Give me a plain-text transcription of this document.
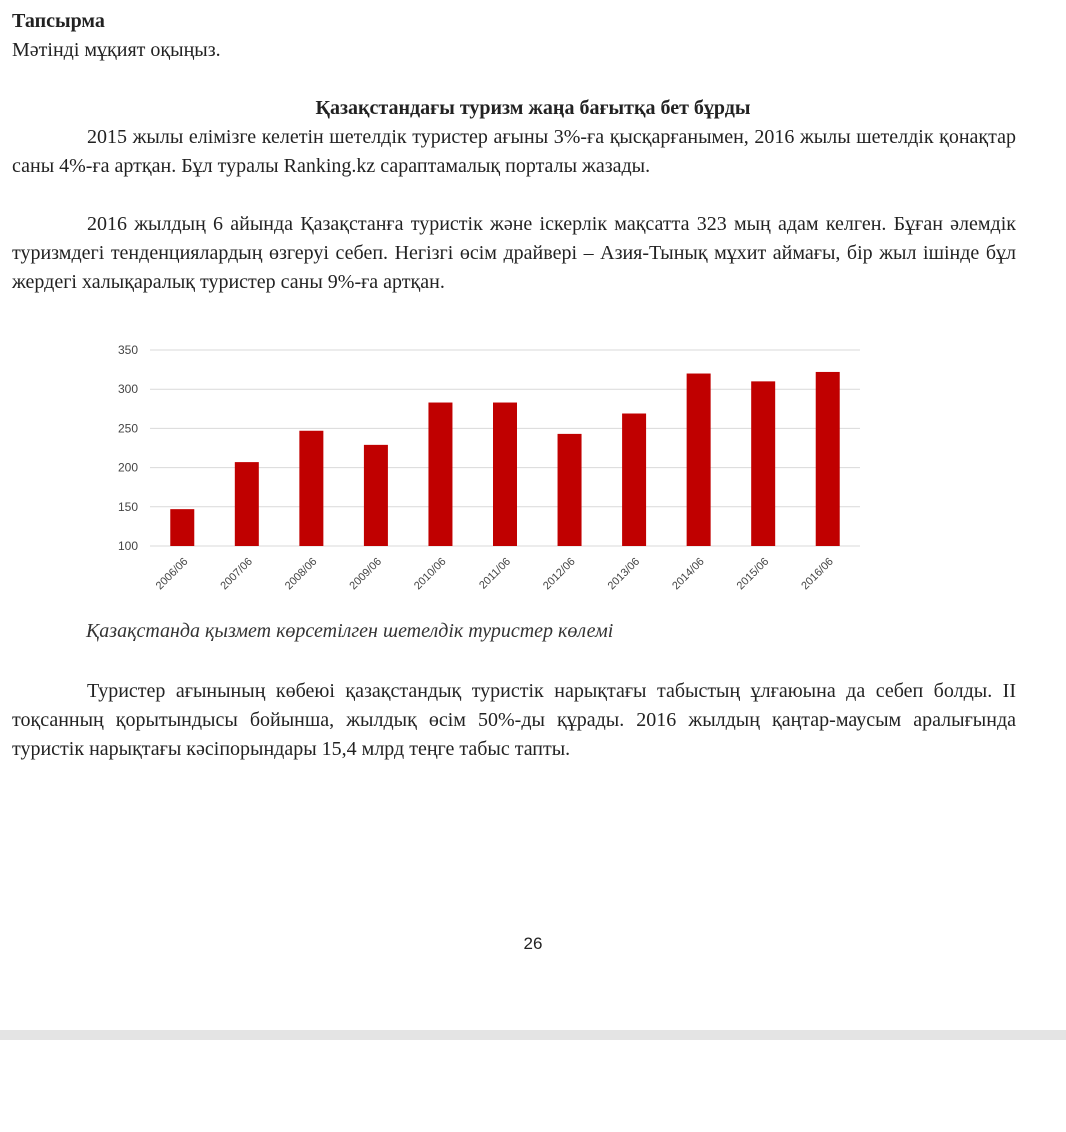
Тапсырма
Мәтінді мұқият оқыңыз.
Қазақстандағы туризм жаңа бағытқа бет бұрды

2015 жылы елімізге келетін шетелдік туристер ағыны 3%-ға қысқарғанымен, 2016 жылы шетелдік қонақтар саны 4%-ға артқан. Бұл туралы Ranking.kz сараптамалық порталы жазады.

2016 жылдың 6 айында Қазақстанға туристік және іскерлік мақсатта 323 мың адам келген. Бұған әлемдік туризмдегі тенденциялардың өзгеруі себеп. Негізгі өсім драйвері – Азия-Тынық мұхит аймағы, бір жыл ішінде бұл жердегі халықаралық туристер саны 9%-ға артқан.

100
150
200
250
300
350
2006/06	2007/06	2008/06	2009/06	2010/06	2011/06	2012/06	2013/06	2014/06	2015/06	2016/06
Қазақстанда қызмет көрсетілген шетелдік туристер көлемі

Туристер ағынының көбеюі қазақстандық туристік нарықтағы табыстың ұлғаюына да себеп болды. II тоқсанның қорытындысы бойынша, жылдық өсім 50%-ды құрады. 2016 жылдың қаңтар-маусым аралығында туристік нарықтағы кәсіпорындары 15,4 млрд теңге табыс тапты.

26
